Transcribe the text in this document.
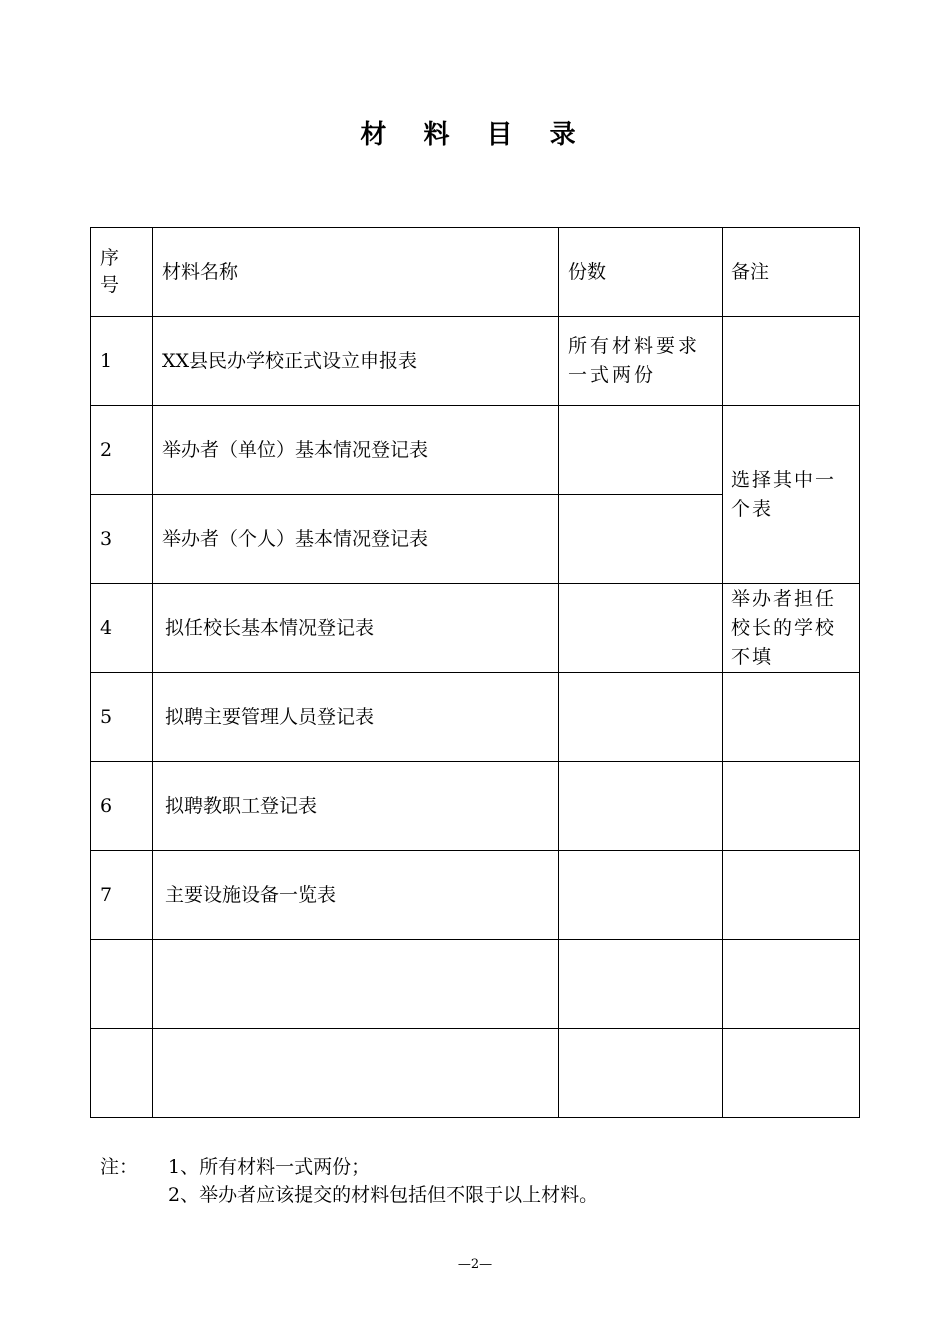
材 料 目 录
序号	材料名称	份数	备注
1	XX县民办学校正式设立申报表	所有材料要求一式两份	
2	举办者（单位）基本情况登记表		选择其中一个表
3	举办者（个人）基本情况登记表		
4	拟任校长基本情况登记表		举办者担任校长的学校不填
5	拟聘主要管理人员登记表		
6	拟聘教职工登记表		
7	主要设施设备一览表		

注： 1、所有材料一式两份；
2、举办者应该提交的材料包括但不限于以上材料。
—2—
